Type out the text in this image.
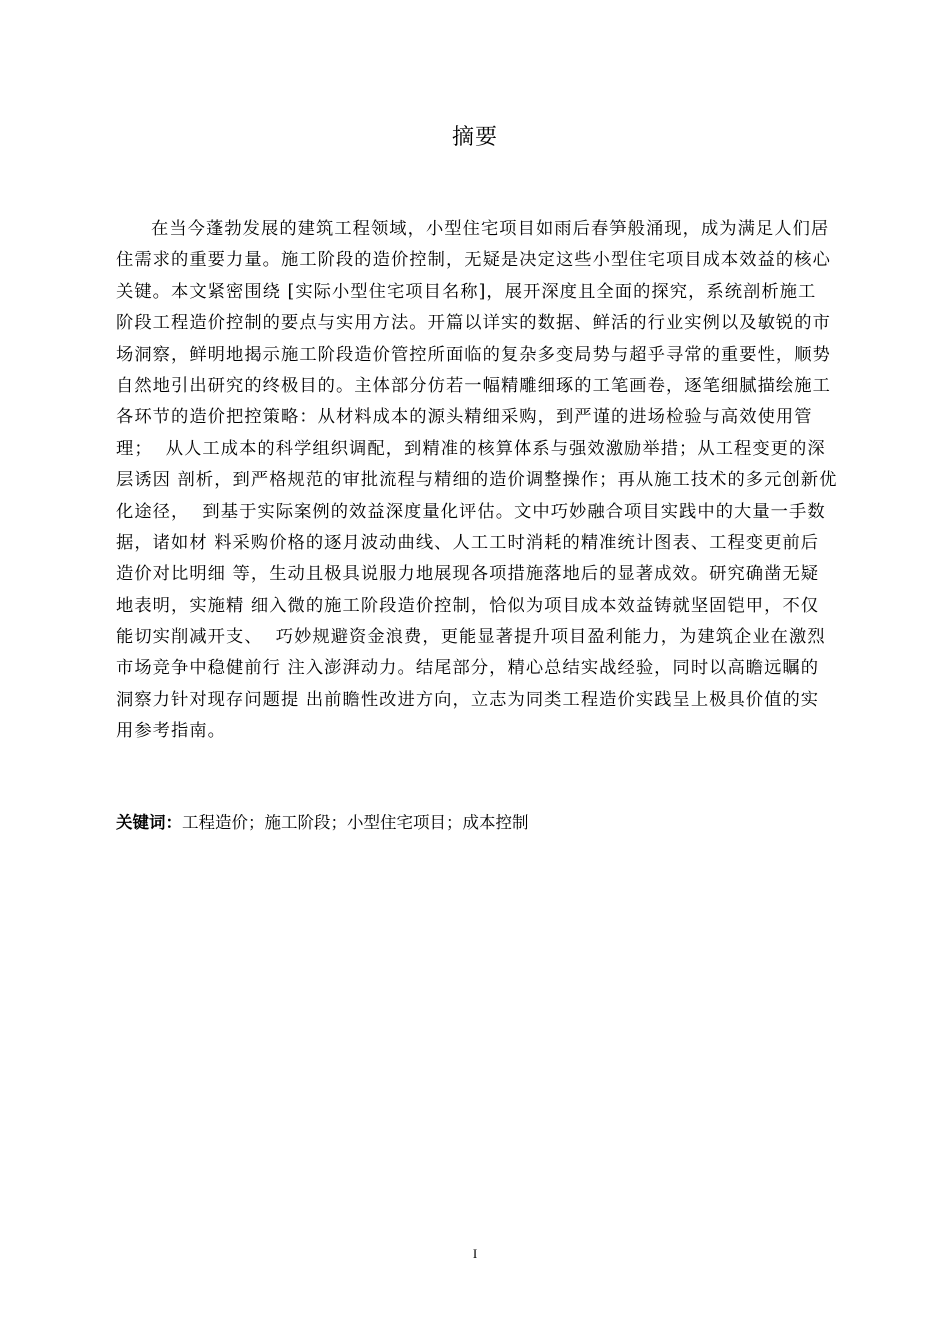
摘要
在当今蓬勃发展的建筑工程领域，小型住宅项目如雨后春笋般涌现，成为满足人们居
住需求的重要力量。施工阶段的造价控制，无疑是决定这些小型住宅项目成本效益的核心
关键。本文紧密围绕 [实际小型住宅项目名称]，展开深度且全面的探究，系统剖析施工
阶段工程造价控制的要点与实用方法。开篇以详实的数据、鲜活的行业实例以及敏锐的市
场洞察，鲜明地揭示施工阶段造价管控所面临的复杂多变局势与超乎寻常的重要性，顺势
自然地引出研究的终极目的。主体部分仿若一幅精雕细琢的工笔画卷，逐笔细腻描绘施工
各环节的造价把控策略：从材料成本的源头精细采购，到严谨的进场检验与高效使用管
理；  从人工成本的科学组织调配，到精准的核算体系与强效激励举措；从工程变更的深
层诱因 剖析，到严格规范的审批流程与精细的造价调整操作；再从施工技术的多元创新优
化途径，  到基于实际案例的效益深度量化评估。文中巧妙融合项目实践中的大量一手数
据，诸如材 料采购价格的逐月波动曲线、人工工时消耗的精准统计图表、工程变更前后
造价对比明细 等，生动且极具说服力地展现各项措施落地后的显著成效。研究确凿无疑
地表明，实施精 细入微的施工阶段造价控制，恰似为项目成本效益铸就坚固铠甲，不仅
能切实削减开支、  巧妙规避资金浪费，更能显著提升项目盈利能力，为建筑企业在激烈
市场竞争中稳健前行 注入澎湃动力。结尾部分，精心总结实战经验，同时以高瞻远瞩的
洞察力针对现存问题提 出前瞻性改进方向，立志为同类工程造价实践呈上极具价值的实
用参考指南。
关键词：工程造价；施工阶段；小型住宅项目；成本控制
I
